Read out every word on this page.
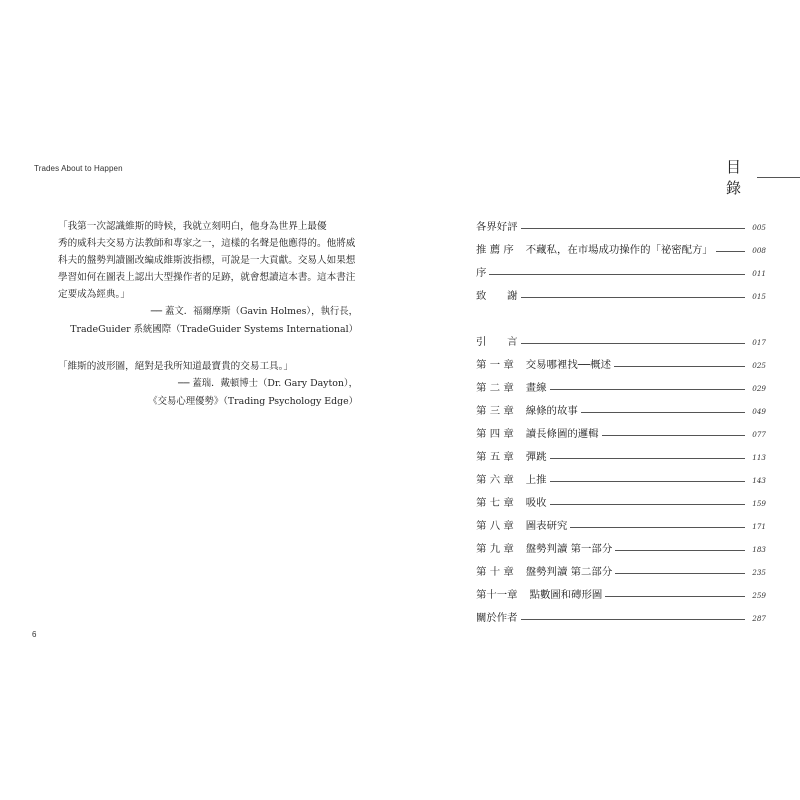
Trades About to Happen
「我第一次認識維斯的時候，我就立刻明白，他身為世界上最優
秀的威科夫交易方法教師和專家之一，這樣的名聲是他應得的。他將威
科夫的盤勢判讀圖改編成維斯波指標，可說是一大貢獻。交易人如果想
學習如何在圖表上認出大型操作者的足跡，就會想讀這本書。這本書注
定要成為經典。」
── 蓋文．福爾摩斯（Gavin Holmes），執行長，
TradeGuider 系統國際（TradeGuider Systems International）

「維斯的波形圖，絕對是我所知道最寶貴的交易工具。」

── 蓋瑞．戴頓博士（Dr. Gary Dayton），
《交易心理優勢》（Trading Psychology Edge）
6
目錄
各界好評	005
推 薦 序 不藏私，在市場成功操作的「祕密配方」	008
序	011
致　　謝	015
引　　言	017
第 一 章 交易哪裡找──概述	025
第 二 章 畫線	029
第 三 章 線條的故事	049
第 四 章 讀長條圖的邏輯	077
第 五 章 彈跳	113
第 六 章 上推	143
第 七 章 吸收	159
第 八 章 圖表研究	171
第 九 章 盤勢判讀 第一部分	183
第 十 章 盤勢判讀 第二部分	235
第十一章 點數圖和磚形圖	259
關於作者	287
